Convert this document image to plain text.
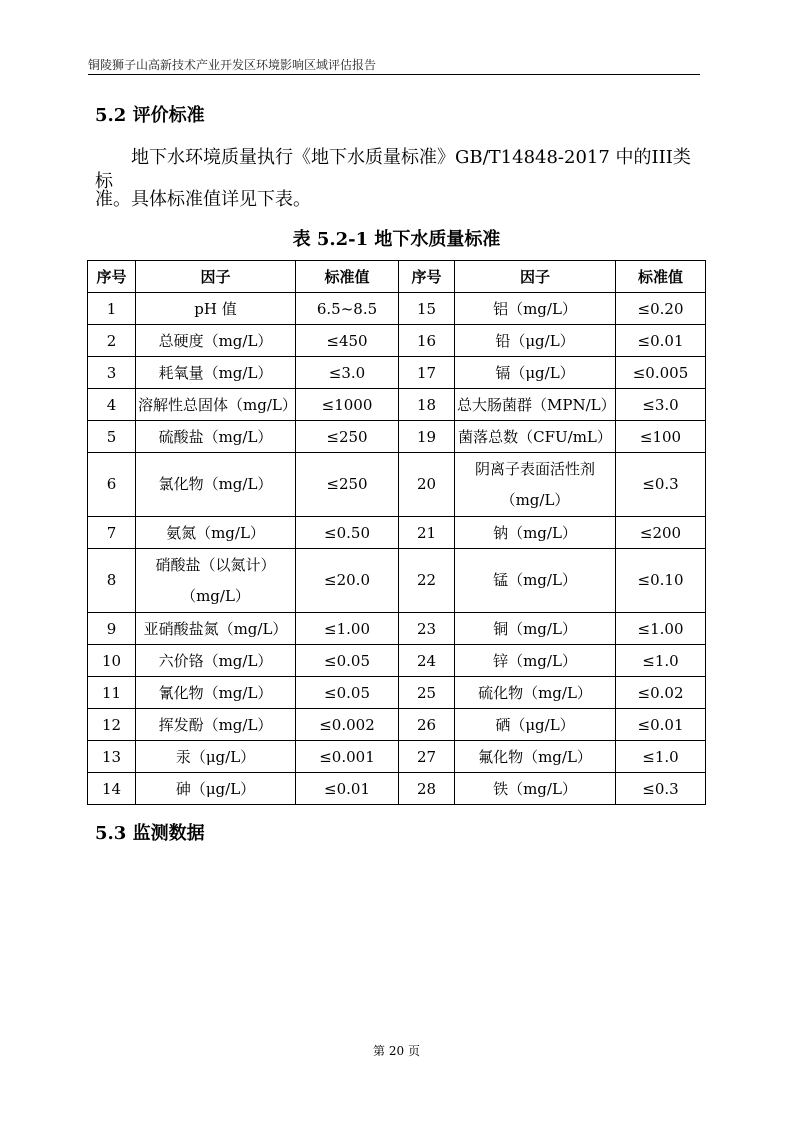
铜陵狮子山高新技术产业开发区环境影响区域评估报告
5.2 评价标准
　　地下水环境质量执行《地下水质量标准》GB/T14848-2017 中的III类标
准。具体标准值详见下表。
表 5.2-1 地下水质量标准
序号	因子	标准值	序号	因子	标准值
1	pH 值	6.5~8.5	15	铝（mg/L）	≤0.20
2	总硬度（mg/L）	≤450	16	铅（μg/L）	≤0.01
3	耗氧量（mg/L）	≤3.0	17	镉（μg/L）	≤0.005
4	溶解性总固体（mg/L）	≤1000	18	总大肠菌群（MPN/L）	≤3.0
5	硫酸盐（mg/L）	≤250	19	菌落总数（CFU/mL）	≤100
6	氯化物（mg/L）	≤250	20	阴离子表面活性剂（mg/L）	≤0.3
7	氨氮（mg/L）	≤0.50	21	钠（mg/L）	≤200
8	硝酸盐（以氮计）（mg/L）	≤20.0	22	锰（mg/L）	≤0.10
9	亚硝酸盐氮（mg/L）	≤1.00	23	铜（mg/L）	≤1.00
10	六价铬（mg/L）	≤0.05	24	锌（mg/L）	≤1.0
11	氰化物（mg/L）	≤0.05	25	硫化物（mg/L）	≤0.02
12	挥发酚（mg/L）	≤0.002	26	硒（μg/L）	≤0.01
13	汞（μg/L）	≤0.001	27	氟化物（mg/L）	≤1.0
14	砷（μg/L）	≤0.01	28	铁（mg/L）	≤0.3
5.3 监测数据
第 20 页
